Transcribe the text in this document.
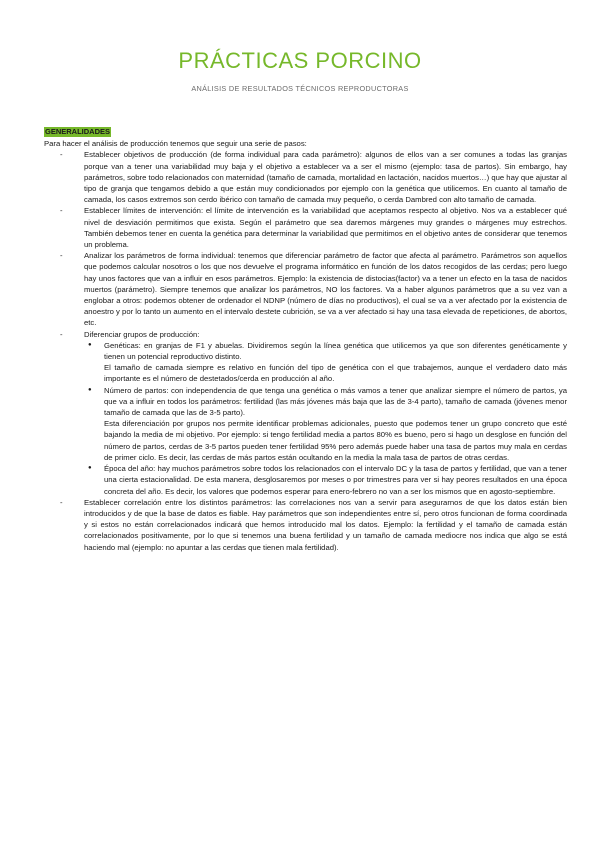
PRÁCTICAS PORCINO
ANÁLISIS DE RESULTADOS TÉCNICOS REPRODUCTORAS
GENERALIDADES

Para hacer el análisis de producción tenemos que seguir una serie de pasos:

- Establecer objetivos de producción (de forma individual para cada parámetro): algunos de ellos van a ser comunes a todas las granjas porque van a tener una variabilidad muy baja y el objetivo a establecer va a ser el mismo (ejemplo: tasa de partos). Sin embargo, hay parámetros, sobre todo relacionados con maternidad (tamaño de camada, mortalidad en lactación, nacidos muertos…) que hay que ajustar al tipo de granja que tengamos debido a que están muy condicionados por ejemplo con la genética que utilicemos. En cuanto al tamaño de camada, los casos extremos son cerdo ibérico con tamaño de camada muy pequeño, o cerda Dambred con alto tamaño de camada.
- Establecer límites de intervención: el límite de intervención es la variabilidad que aceptamos respecto al objetivo. Nos va a establecer qué nivel de desviación permitimos que exista. Según el parámetro que sea daremos márgenes muy grandes o márgenes muy estrechos. También debemos tener en cuenta la genética para determinar la variabilidad que permitimos en el objetivo antes de considerar que tenemos un problema.
- Analizar los parámetros de forma individual: tenemos que diferenciar parámetro de factor que afecta al parámetro. Parámetros son aquellos que podemos calcular nosotros o los que nos devuelve el programa informático en función de los datos recogidos de las cerdas; pero luego hay unos factores que van a influir en esos parámetros. Ejemplo: la existencia de distocias(factor) va a tener un efecto en la tasa de nacidos muertos (parámetro). Siempre tenemos que analizar los parámetros, NO los factores. Va a haber algunos parámetros que a su vez van a englobar a otros: podemos obtener de ordenador el NDNP (número de días no productivos), el cual se va a ver afectado por la existencia de anoestro y por lo tanto un aumento en el intervalo destete cubrición, se va a ver afectado si hay una tasa elevada de repeticiones, de abortos, etc.
- Diferenciar grupos de producción:

● Genéticas: en granjas de F1 y abuelas. Dividiremos según la línea genética que utilicemos ya que son diferentes genéticamente y tienen un potencial reproductivo distinto.

El tamaño de camada siempre es relativo en función del tipo de genética con el que trabajemos, aunque el verdadero dato más importante es el número de destetados/cerda en producción al año.

● Número de partos: con independencia de que tenga una genética o más vamos a tener que analizar siempre el número de partos, ya que va a influir en todos los parámetros: fertilidad (las más jóvenes más baja que las de 3-4 parto), tamaño de camada (jóvenes menor tamaño de camada que las de 3-5 parto).

Esta diferenciación por grupos nos permite identificar problemas adicionales, puesto que podemos tener un grupo concreto que esté bajando la media de mi objetivo. Por ejemplo: si tengo fertilidad media a partos 80% es bueno, pero si hago un desglose en función del número de partos, cerdas de 3-5 partos pueden tener fertilidad 95% pero además puede haber una tasa de partos muy mala en cerdas de primer ciclo. Es decir, las cerdas de más partos están ocultando en la media la mala tasa de partos de otras cerdas.

● Época del año: hay muchos parámetros sobre todos los relacionados con el intervalo DC y la tasa de partos y fertilidad, que van a tener una cierta estacionalidad. De esta manera, desglosaremos por meses o por trimestres para ver si hay peores resultados en una época concreta del año. Es decir, los valores que podemos esperar para enero-febrero no van a ser los mismos que en agosto-septiembre.

- Establecer correlación entre los distintos parámetros: las correlaciones nos van a servir para asegurarnos de que los datos están bien introducidos y de que la base de datos es fiable. Hay parámetros que son independientes entre sí, pero otros funcionan de forma coordinada y si estos no están correlacionados indicará que hemos introducido mal los datos. Ejemplo: la fertilidad y el tamaño de camada están correlacionados positivamente, por lo que si tenemos una buena fertilidad y un tamaño de camada mediocre nos indica que algo se está haciendo mal (ejemplo: no apuntar a las cerdas que tienen mala fertilidad).
